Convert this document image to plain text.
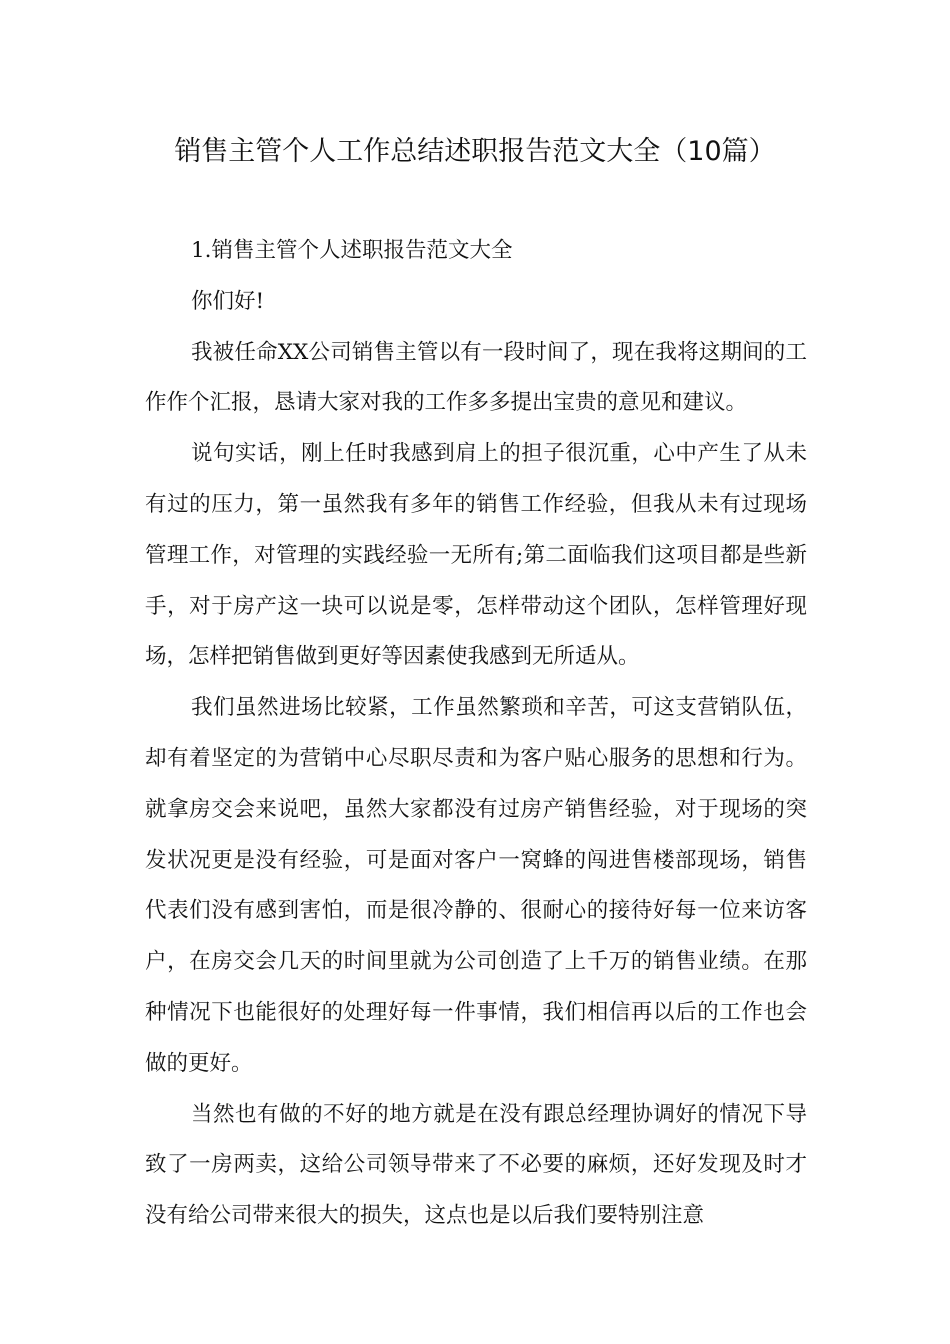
销售主管个人工作总结述职报告范文大全（10篇）

1.销售主管个人述职报告范文大全

你们好!

我被任命XX公司销售主管以有一段时间了，现在我将这期间的工作作个汇报，恳请大家对我的工作多多提出宝贵的意见和建议。

说句实话，刚上任时我感到肩上的担子很沉重，心中产生了从未有过的压力，第一虽然我有多年的销售工作经验，但我从未有过现场管理工作，对管理的实践经验一无所有;第二面临我们这项目都是些新手，对于房产这一块可以说是零，怎样带动这个团队，怎样管理好现场，怎样把销售做到更好等因素使我感到无所适从。

我们虽然进场比较紧，工作虽然繁琐和辛苦，可这支营销队伍，却有着坚定的为营销中心尽职尽责和为客户贴心服务的思想和行为。就拿房交会来说吧，虽然大家都没有过房产销售经验，对于现场的突发状况更是没有经验，可是面对客户一窝蜂的闯进售楼部现场，销售代表们没有感到害怕，而是很冷静的、很耐心的接待好每一位来访客户，在房交会几天的时间里就为公司创造了上千万的销售业绩。在那种情况下也能很好的处理好每一件事情，我们相信再以后的工作也会做的更好。

当然也有做的不好的地方就是在没有跟总经理协调好的情况下导致了一房两卖，这给公司领导带来了不必要的麻烦，还好发现及时才没有给公司带来很大的损失，这点也是以后我们要特别注意
